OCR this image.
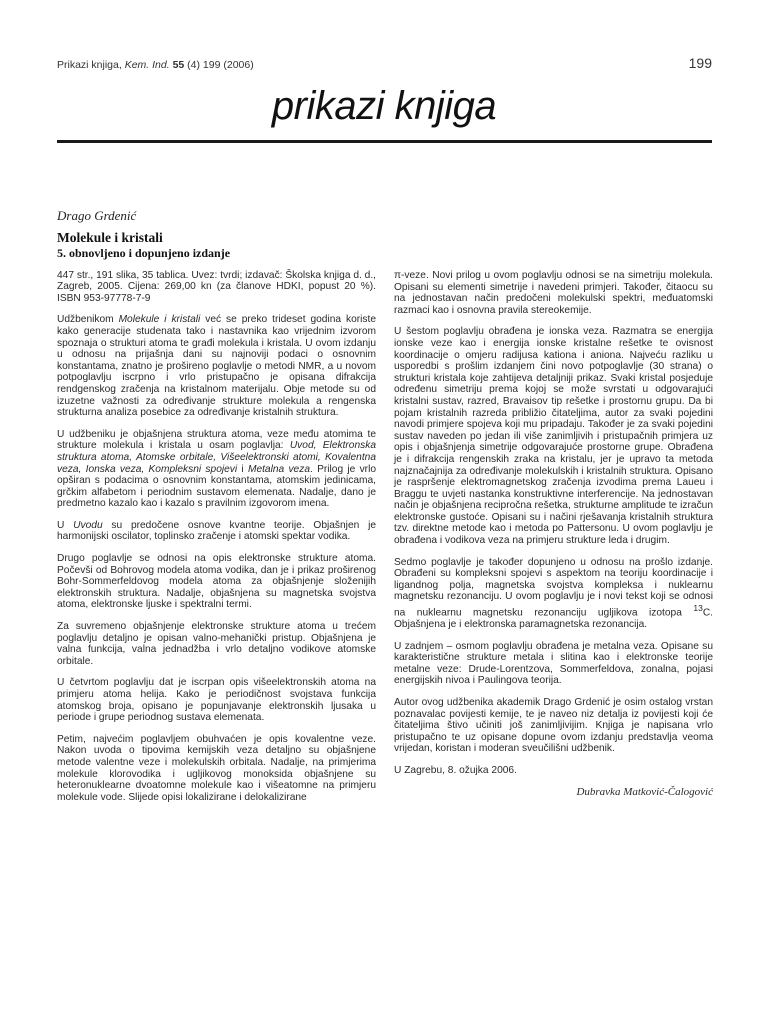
Prikazi knjiga, Kem. Ind. 55 (4) 199 (2006)	199
prikazi knjiga

Drago Grdenić

Molekule i kristali

5. obnovljeno i dopunjeno izdanje

447 str., 191 slika, 35 tablica. Uvez: tvrdi; izdavač: Školska knjiga d. d., Zagreb, 2005. Cijena: 269,00 kn (za članove HDKI, popust 20 %). ISBN 953-97778-7-9

Udžbenikom Molekule i kristali već se preko trideset godina koriste kako generacije studenata tako i nastavnika kao vrijednim izvorom spoznaja o strukturi atoma te građi molekula i kristala. U ovom izdanju u odnosu na prijašnja dani su najnoviji podaci o osnovnim konstantama, znatno je prošireno poglavlje o metodi NMR, a u novom potpoglavlju iscrpno i vrlo pristupačno je opisana difrakcija rendgenskog zračenja na kristalnom materijalu. Obje metode su od izuzetne važnosti za određivanje strukture molekula a rengenska strukturna analiza posebice za određivanje kristalnih struktura.

U udžbeniku je objašnjena struktura atoma, veze među atomima te strukture molekula i kristala u osam poglavlja: Uvod, Elektronska struktura atoma, Atomske orbitale, Višeelektronski atomi, Kovalentna veza, Ionska veza, Kompleksni spojevi i Metalna veza. Prilog je vrlo opširan s podacima o osnovnim konstantama, atomskim jedinicama, grčkim alfabetom i periodnim sustavom elemenata. Nadalje, dano je predmetno kazalo kao i kazalo s pravilnim izgovorom imena.

U Uvodu su predočene osnove kvantne teorije. Objašnjen je harmonijski oscilator, toplinsko zračenje i atomski spektar vodika.

Drugo poglavlje se odnosi na opis elektronske strukture atoma. Počevši od Bohrovog modela atoma vodika, dan je i prikaz proširenog Bohr-Sommerfeldovog modela atoma za objašnjenje složenijih elektronskih struktura. Nadalje, objašnjena su magnetska svojstva atoma, elektronske ljuske i spektralni termi.

Za suvremeno objašnjenje elektronske strukture atoma u trećem poglavlju detaljno je opisan valno-mehanički pristup. Objašnjena je valna funkcija, valna jednadžba i vrlo detaljno vodikove atomske orbitale.

U četvrtom poglavlju dat je iscrpan opis višeelektronskih atoma na primjeru atoma helija. Kako je periodičnost svojstava funkcija atomskog broja, opisano je popunjavanje elektronskih ljusaka u periode i grupe periodnog sustava elemenata.

Petim, najvećim poglavljem obuhvaćen je opis kovalentne veze. Nakon uvoda o tipovima kemijskih veza detaljno su objašnjene metode valentne veze i molekulskih orbitala. Nadalje, na primjerima molekule klorovodika i ugljikovog monoksida objašnjene su heteronuklearne dvoatomne molekule kao i višeatomne na primjeru molekule vode. Slijede opisi lokalizirane i delokalizirane

π-veze. Novi prilog u ovom poglavlju odnosi se na simetriju molekula. Opisani su elementi simetrije i navedeni primjeri. Također, čitaocu su na jednostavan način predočeni molekulski spektri, međuatomski razmaci kao i osnovna pravila stereokemije.

U šestom poglavlju obrađena je ionska veza. Razmatra se energija ionske veze kao i energija ionske kristalne rešetke te ovisnost koordinacije o omjeru radijusa kationa i aniona. Najveću razliku u usporedbi s prošlim izdanjem čini novo potpoglavlje (30 strana) o strukturi kristala koje zahtijeva detaljniji prikaz. Svaki kristal posjeduje određenu simetriju prema kojoj se može svrstati u odgovarajući kristalni sustav, razred, Bravaisov tip rešetke i prostornu grupu. Da bi pojam kristalnih razreda približio čitateljima, autor za svaki pojedini navodi primjere spojeva koji mu pripadaju. Također je za svaki pojedini sustav naveden po jedan ili više zanimljivih i pristupačnih primjera uz opis i objašnjenja simetrije odgovarajuće prostorne grupe. Obrađena je i difrakcija rengenskih zraka na kristalu, jer je upravo ta metoda najznačajnija za određivanje molekulskih i kristalnih struktura. Opisano je raspršenje elektromagnetskog zračenja izvodima prema Laueu i Braggu te uvjeti nastanka konstruktivne interferencije. Na jednostavan način je objašnjena recipročna rešetka, strukturne amplitude te izračun elektronske gustoće. Opisani su i načini rješavanja kristalnih struktura tzv. direktne metode kao i metoda po Pattersonu. U ovom poglavlju je obrađena i vodikova veza na primjeru strukture leda i drugim.

Sedmo poglavlje je također dopunjeno u odnosu na prošlo izdanje. Obrađeni su kompleksni spojevi s aspektom na teoriju koordinacije i ligandnog polja, magnetska svojstva kompleksa i nuklearnu magnetsku rezonanciju. U ovom poglavlju je i novi tekst koji se odnosi na nuklearnu magnetsku rezonanciju ugljikova izotopa $^{13}$C. Objašnjena je i elektronska paramagnetska rezonancija.

U zadnjem – osmom poglavlju obrađena je metalna veza. Opisane su karakteristične strukture metala i slitina kao i elektronske teorije metalne veze: Drude-Lorentzova, Sommerfeldova, zonalna, pojasi energijskih nivoa i Paulingova teorija.

Autor ovog udžbenika akademik Drago Grdenić je osim ostalog vrstan poznavalac povijesti kemije, te je naveo niz detalja iz povijesti koji će čitateljima štivo učiniti još zanimljivijim. Knjiga je napisana vrlo pristupačno te uz opisane dopune ovom izdanju predstavlja veoma vrijedan, koristan i moderan sveučilišni udžbenik.

U Zagrebu, 8. ožujka 2006.

Dubravka Matković-Čalogović
